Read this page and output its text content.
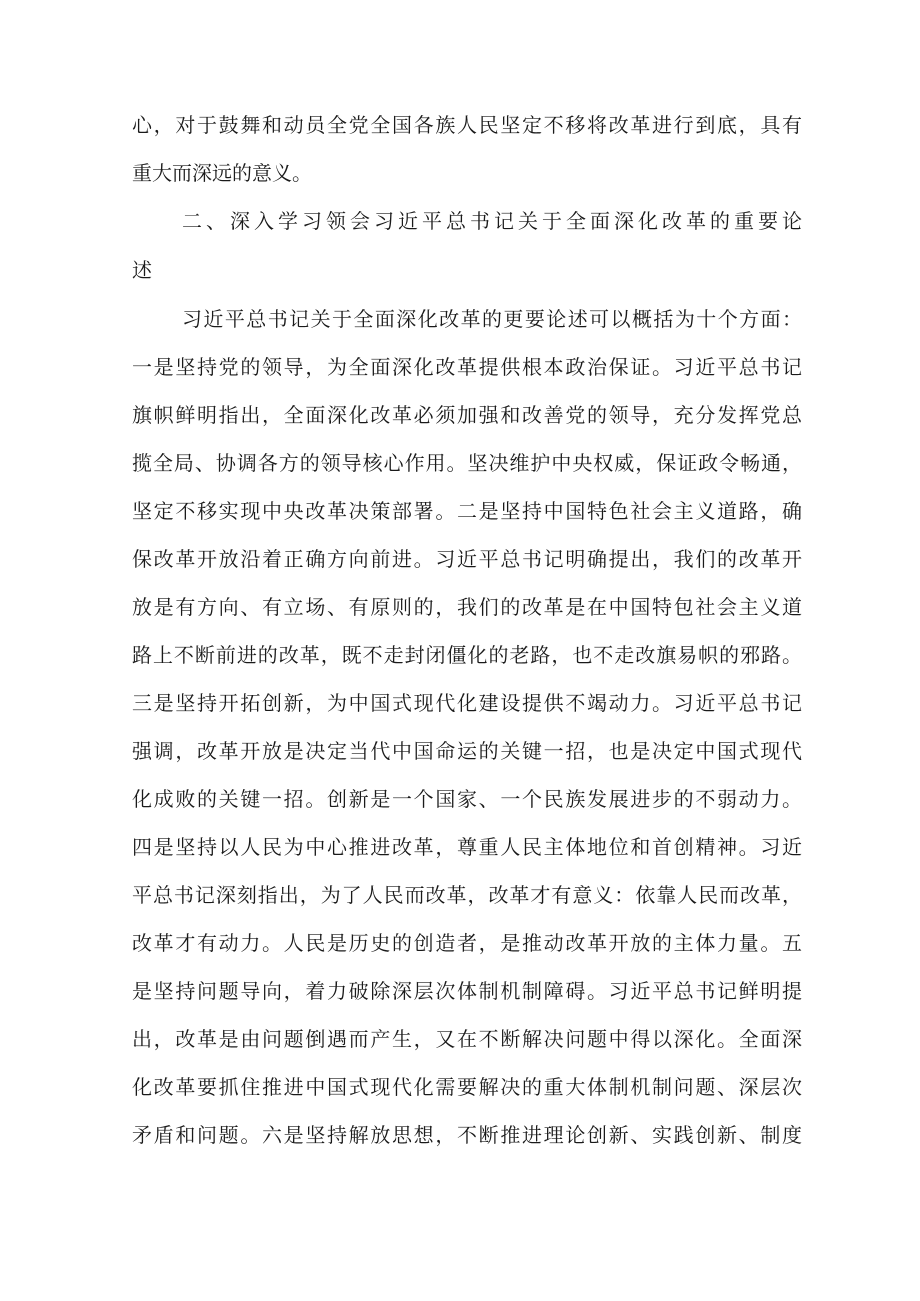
心，对于鼓舞和动员全党全国各族人民坚定不移将改革进行到底，具有

重大而深远的意义。

二、深入学习领会习近平总书记关于全面深化改革的重要论

述

习近平总书记关于全面深化改革的更要论述可以概括为十个方面：

一是坚持党的领导，为全面深化改革提供根本政治保证。习近平总书记

旗帜鲜明指出，全面深化改革必须加强和改善党的领导，充分发挥党总

揽全局、协调各方的领导核心作用。坚决维护中央权威，保证政令畅通，

坚定不移实现中央改革决策部署。二是坚持中国特色社会主义道路，确

保改革开放沿着正确方向前进。习近平总书记明确提出，我们的改革开

放是有方向、有立场、有原则的，我们的改革是在中国特包社会主义道

路上不断前进的改革，既不走封闭僵化的老路，也不走改旗易帜的邪路。

三是坚持开拓创新，为中国式现代化建设提供不竭动力。习近平总书记

强调，改革开放是决定当代中国命运的关键一招，也是决定中国式现代

化成败的关键一招。创新是一个国家、一个民族发展进步的不弱动力。

四是坚持以人民为中心推进改革，尊重人民主体地位和首创精神。习近

平总书记深刻指出，为了人民而改革，改革才有意义：依靠人民而改革，

改革才有动力。人民是历史的创造者，是推动改革开放的主体力量。五

是坚持问题导向，着力破除深层次体制机制障碍。习近平总书记鲜明提

出，改革是由问题倒遇而产生，又在不断解决问题中得以深化。全面深

化改革要抓住推进中国式现代化需要解决的重大体制机制问题、深层次

矛盾和问题。六是坚持解放思想，不断推进理论创新、实践创新、制度
